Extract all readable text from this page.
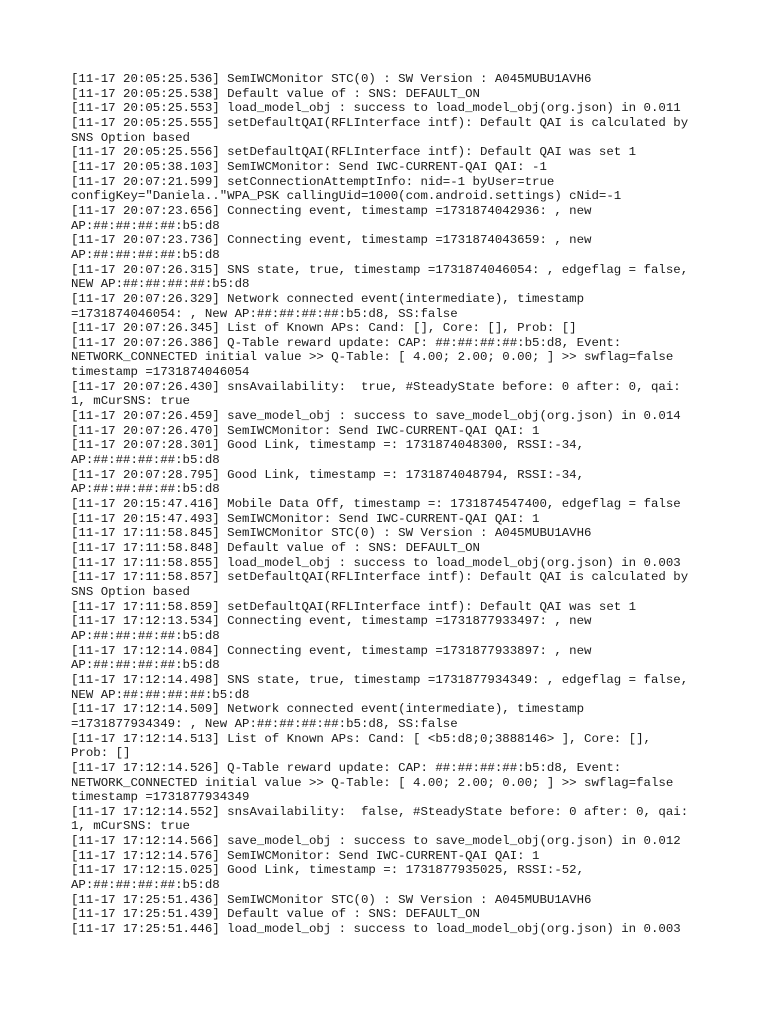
[11-17 20:05:25.536] SemIWCMonitor STC(0) : SW Version : A045MUBU1AVH6

[11-17 20:05:25.538] Default value of : SNS: DEFAULT_ON

[11-17 20:05:25.553] load_model_obj : success to load_model_obj(org.json) in 0.011

[11-17 20:05:25.555] setDefaultQAI(RFLInterface intf): Default QAI is calculated by
SNS Option based

[11-17 20:05:25.556] setDefaultQAI(RFLInterface intf): Default QAI was set 1

[11-17 20:05:38.103] SemIWCMonitor: Send IWC-CURRENT-QAI QAI: -1

[11-17 20:07:21.599] setConnectionAttemptInfo: nid=-1 byUser=true
configKey="Daniela.."WPA_PSK callingUid=1000(com.android.settings) cNid=-1

[11-17 20:07:23.656] Connecting event, timestamp =1731874042936: , new
AP:##:##:##:##:b5:d8

[11-17 20:07:23.736] Connecting event, timestamp =1731874043659: , new
AP:##:##:##:##:b5:d8

[11-17 20:07:26.315] SNS state, true, timestamp =1731874046054: , edgeflag = false,
NEW AP:##:##:##:##:b5:d8

[11-17 20:07:26.329] Network connected event(intermediate), timestamp
=1731874046054: , New AP:##:##:##:##:b5:d8, SS:false

[11-17 20:07:26.345] List of Known APs: Cand: [], Core: [], Prob: []

[11-17 20:07:26.386] Q-Table reward update: CAP: ##:##:##:##:b5:d8, Event:
NETWORK_CONNECTED initial value >> Q-Table: [ 4.00; 2.00; 0.00; ] >> swflag=false
timestamp =1731874046054

[11-17 20:07:26.430] snsAvailability:  true, #SteadyState before: 0 after: 0, qai:
1, mCurSNS: true

[11-17 20:07:26.459] save_model_obj : success to save_model_obj(org.json) in 0.014

[11-17 20:07:26.470] SemIWCMonitor: Send IWC-CURRENT-QAI QAI: 1

[11-17 20:07:28.301] Good Link, timestamp =: 1731874048300, RSSI:-34,
AP:##:##:##:##:b5:d8

[11-17 20:07:28.795] Good Link, timestamp =: 1731874048794, RSSI:-34,
AP:##:##:##:##:b5:d8

[11-17 20:15:47.416] Mobile Data Off, timestamp =: 1731874547400, edgeflag = false

[11-17 20:15:47.493] SemIWCMonitor: Send IWC-CURRENT-QAI QAI: 1

[11-17 17:11:58.845] SemIWCMonitor STC(0) : SW Version : A045MUBU1AVH6

[11-17 17:11:58.848] Default value of : SNS: DEFAULT_ON

[11-17 17:11:58.855] load_model_obj : success to load_model_obj(org.json) in 0.003

[11-17 17:11:58.857] setDefaultQAI(RFLInterface intf): Default QAI is calculated by
SNS Option based

[11-17 17:11:58.859] setDefaultQAI(RFLInterface intf): Default QAI was set 1

[11-17 17:12:13.534] Connecting event, timestamp =1731877933497: , new
AP:##:##:##:##:b5:d8

[11-17 17:12:14.084] Connecting event, timestamp =1731877933897: , new
AP:##:##:##:##:b5:d8

[11-17 17:12:14.498] SNS state, true, timestamp =1731877934349: , edgeflag = false,
NEW AP:##:##:##:##:b5:d8

[11-17 17:12:14.509] Network connected event(intermediate), timestamp
=1731877934349: , New AP:##:##:##:##:b5:d8, SS:false

[11-17 17:12:14.513] List of Known APs: Cand: [ <b5:d8;0;3888146> ], Core: [],
Prob: []

[11-17 17:12:14.526] Q-Table reward update: CAP: ##:##:##:##:b5:d8, Event:
NETWORK_CONNECTED initial value >> Q-Table: [ 4.00; 2.00; 0.00; ] >> swflag=false
timestamp =1731877934349

[11-17 17:12:14.552] snsAvailability:  false, #SteadyState before: 0 after: 0, qai:
1, mCurSNS: true

[11-17 17:12:14.566] save_model_obj : success to save_model_obj(org.json) in 0.012

[11-17 17:12:14.576] SemIWCMonitor: Send IWC-CURRENT-QAI QAI: 1

[11-17 17:12:15.025] Good Link, timestamp =: 1731877935025, RSSI:-52,
AP:##:##:##:##:b5:d8

[11-17 17:25:51.436] SemIWCMonitor STC(0) : SW Version : A045MUBU1AVH6

[11-17 17:25:51.439] Default value of : SNS: DEFAULT_ON

[11-17 17:25:51.446] load_model_obj : success to load_model_obj(org.json) in 0.003
